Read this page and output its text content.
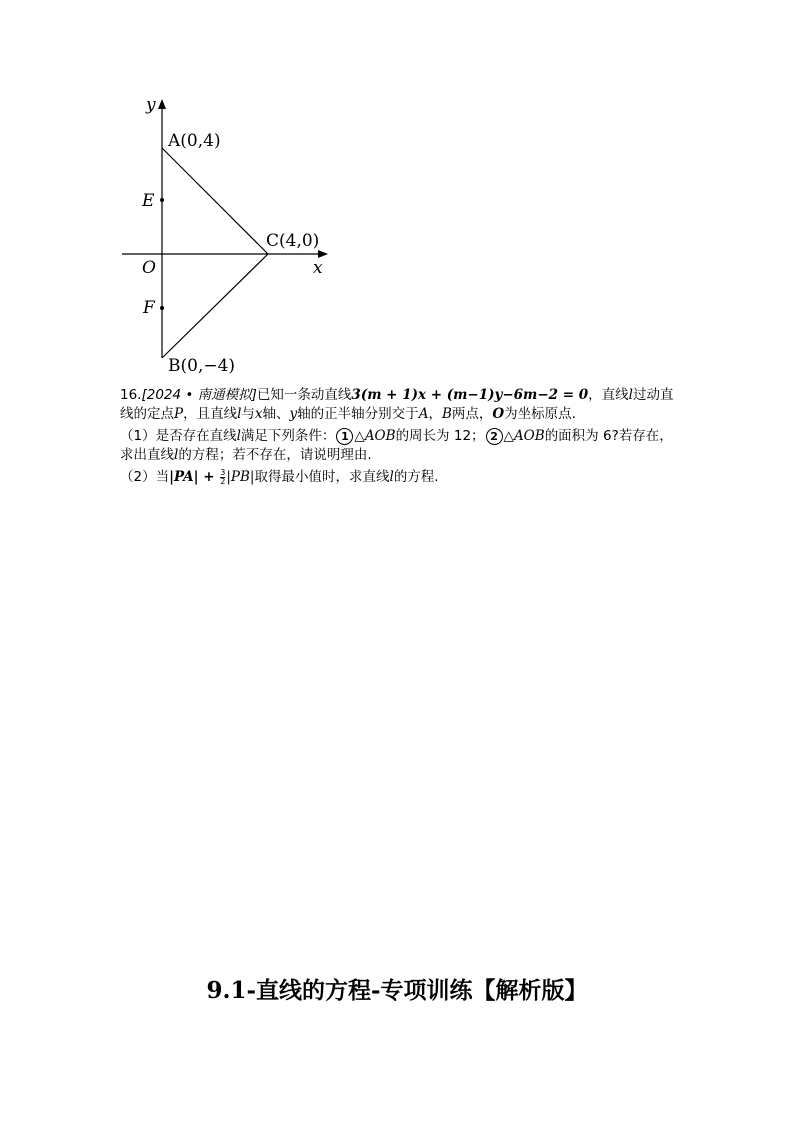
y
x
O
A(0,4)
C(4,0)
B(0,−4)
E
F

16.[2024 • 南通模拟]已知一条动直线3(m + 1)x + (m−1)y−6m−2 = 0，直线l过动直线的定点P，且直线l与x轴、y轴的正半轴分别交于A，B两点，O为坐标原点.

（1）是否存在直线l满足下列条件： 1 △AOB的周长为 12； 2 △AOB的面积为 6?若存在，求出直线l的方程；若不存在，请说明理由.

（2）当$|PA| + \frac{3}{2} |PB|$取得最小值时，求直线l的方程.

9.1-直线的方程-专项训练【解析版】
